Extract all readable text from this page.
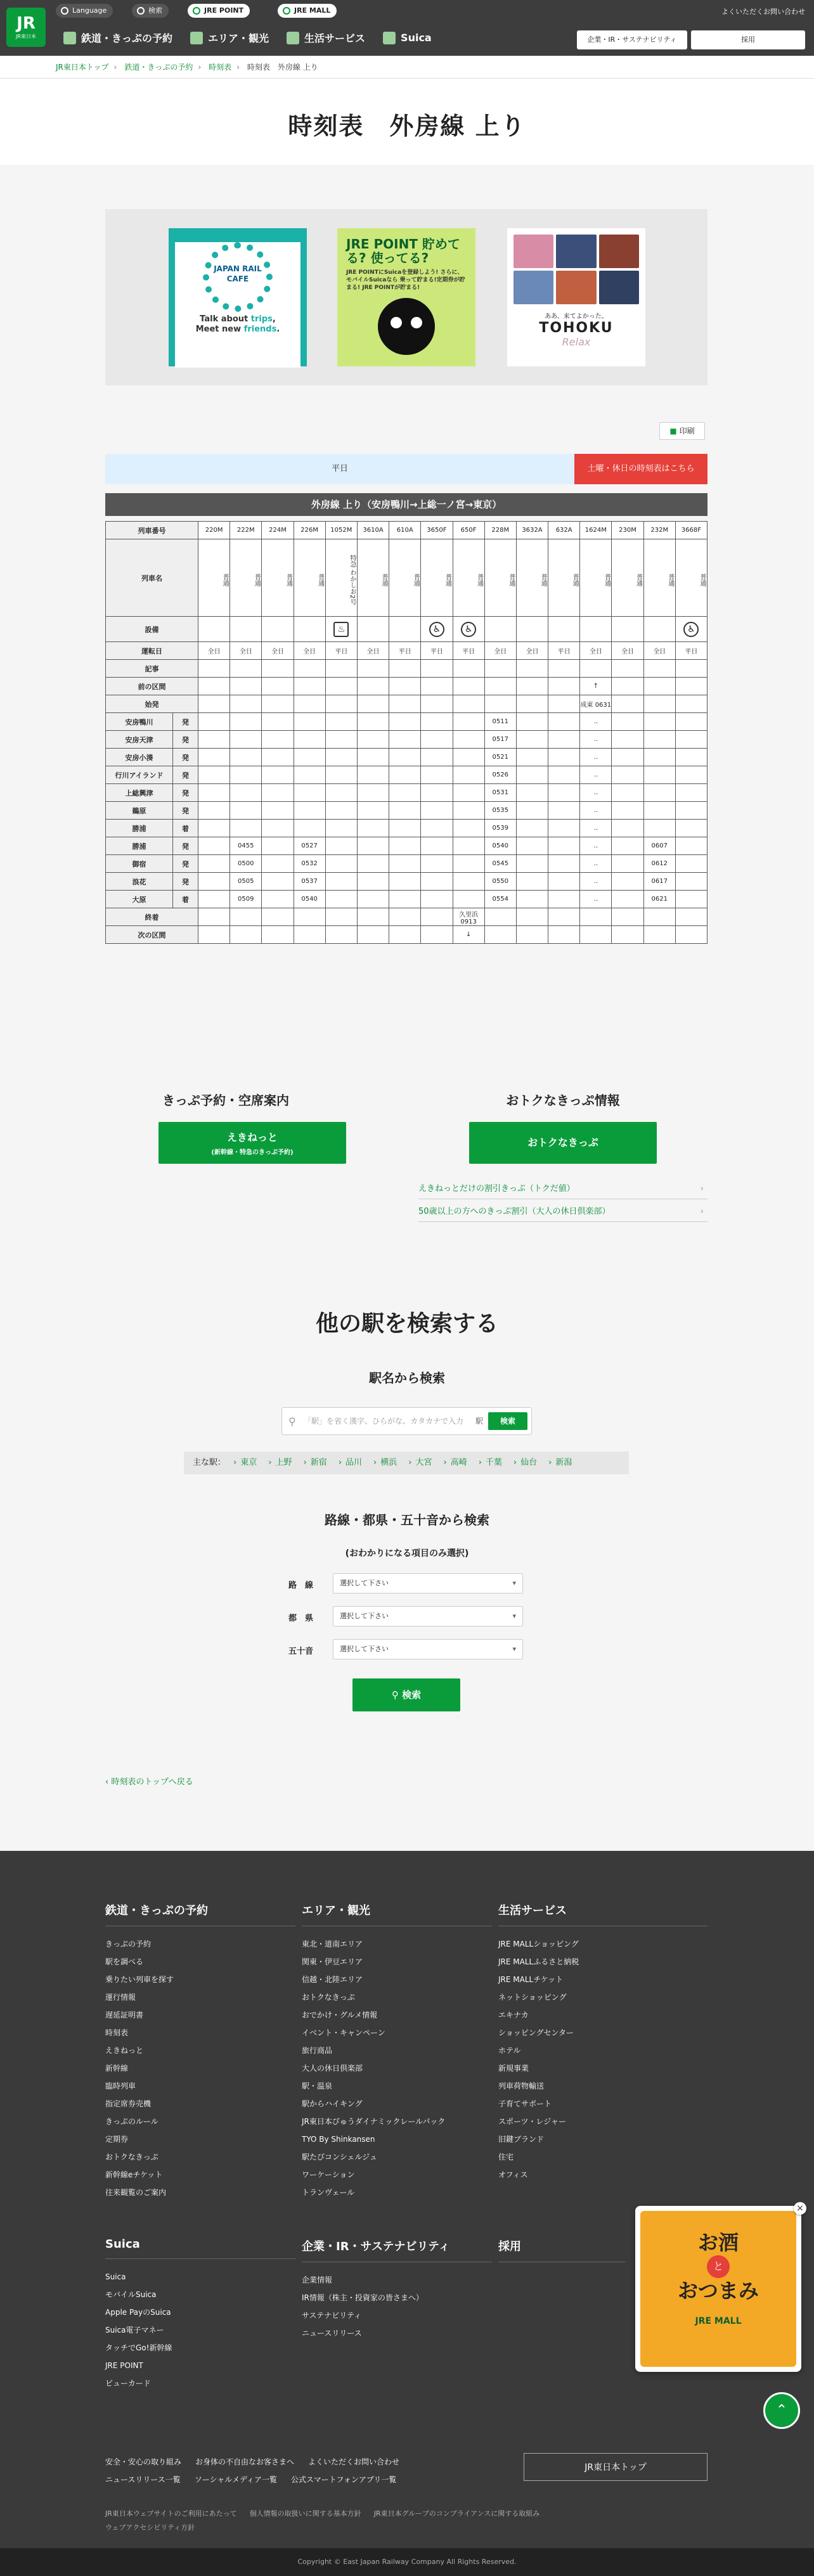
JR
JR東日本
Language	検索	JRE POINT	JRE MALL	よくいただくお問い合わせ
鉄道・きっぷの予約	エリア・観光	生活サービス	Suica	企業・IR・サステナビリティ	採用
JR東日本トップ › 鉄道・きっぷの予約 › 時刻表 › 時刻表　外房線 上り
時刻表　外房線 上り
JAPAN RAIL CAFE
Talk about trips,
Meet new friends.
JRE POINT 貯めてる? 使ってる?
JRE POINTにSuicaを登録しよう! さらに、モバイルSuicaなら 乗って貯まる!定期券が貯まる! JRE POINTが貯まる!
ああ、来てよかった。
TOHOKU
Relax
■ 印刷
平日	土曜・休日の時刻表はこちら
外房線 上り（安房鴨川→上総一ノ宮→東京）
列車番号		220M	222M	224M	226M	1052M	3610A	610A	3650F	650F	228M	3632A	632A	1624M	230M	232M	3668F
列車名		普通	普通	普通	普通	特急 わかしお2号	普通	普通	普通	普通	普通	普通	普通	普通	普通	普通	普通
設備						♨			♿	♿							♿
運転日		全日	全日	全日	全日	平日	全日	平日	平日	平日	全日	全日	平日	全日	全日	全日	平日
記事																	
前の区間														↑			
始発														成東 0631			
安房鴨川	発										0511			‥			
安房天津	発										0517			‥			
安房小湊	発										0521			‥			
行川アイランド	発										0526			‥			
上総興津	発										0531			‥			
鵜原	発										0535			‥			
勝浦	着										0539			‥			
勝浦	発		0455		0527						0540			‥		0607	
御宿	発		0500		0532						0545			‥		0612	
浪花	発		0505		0537						0550			‥		0617	
大原	着		0509		0540						0554			‥		0621	
終着										久里浜 0913							
次の区間										↓							
きっぷ予約・空席案内	おトクなきっぷ情報
えきねっと
(新幹線・特急のきっぷ予約)
おトクなきっぷ
えきねっとだけの割引きっぷ（トクだ値）	›
50歳以上の方へのきっぷ割引（大人の休日倶楽部）	›
他の駅を検索する
駅名から検索
⚲ 「駅」を省く漢字、ひらがな、カタカナで入力 駅	検索
主な駅： › 東京 › 上野 › 新宿 › 品川 › 横浜 › 大宮 › 高崎 › 千葉 › 仙台 › 新潟
路線・都県・五十音から検索
(おわかりになる項目のみ選択)
路　線	選択して下さい ▾
都　県	選択して下さい ▾
五十音	選択して下さい ▾
⚲ 検索
‹ 時刻表のトップへ戻る
鉄道・きっぷの予約
きっぷの予約
駅を調べる
乗りたい列車を探す
運行情報
遅延証明書
時刻表
えきねっと
新幹線
臨時列車
指定席券売機
きっぷのルール
定期券
おトクなきっぷ
新幹線eチケット
往来観覧のご案内
エリア・観光
東北・道南エリア
関東・伊豆エリア
信越・北陸エリア
おトクなきっぷ
おでかけ・グルメ情報
イベント・キャンペーン
旅行商品
大人の休日倶楽部
駅・温泉
駅からハイキング
JR東日本びゅうダイナミックレールパック
TYO By Shinkansen
駅たびコンシェルジュ
ワーケーション
トランヴェール
生活サービス
JRE MALLショッピング
JRE MALLふるさと納税
JRE MALLチケット
ネットショッピング
エキナカ
ショッピングセンター
ホテル
新規事業
列車荷物輸送
子育てサポート
スポーツ・レジャー
旧鍵ブランド
住宅
オフィス
Suica
Suica
モバイルSuica
Apple PayのSuica
Suica電子マネー
タッチでGo!新幹線
JRE POINT
ビューカード
企業・IR・サステナビリティ
企業情報
IR情報（株主・投資家の皆さまへ）
サステナビリティ
ニュースリリース
採用
安全・安心の取り組み お身体の不自由なお客さまへ よくいただくお問い合わせ
ニュースリリース一覧 ソーシャルメディア一覧 公式スマートフォンアプリ一覧
JR東日本トップ
JR東日本ウェブサイトのご利用にあたって 個人情報の取扱いに関する基本方針 JR東日本グループのコンプライアンスに関する取組み
ウェブアクセシビリティ方針
Copyright © East Japan Railway Company All Rights Reserved.
お酒
と
おつまみ
JRE MALL
×
⌃
